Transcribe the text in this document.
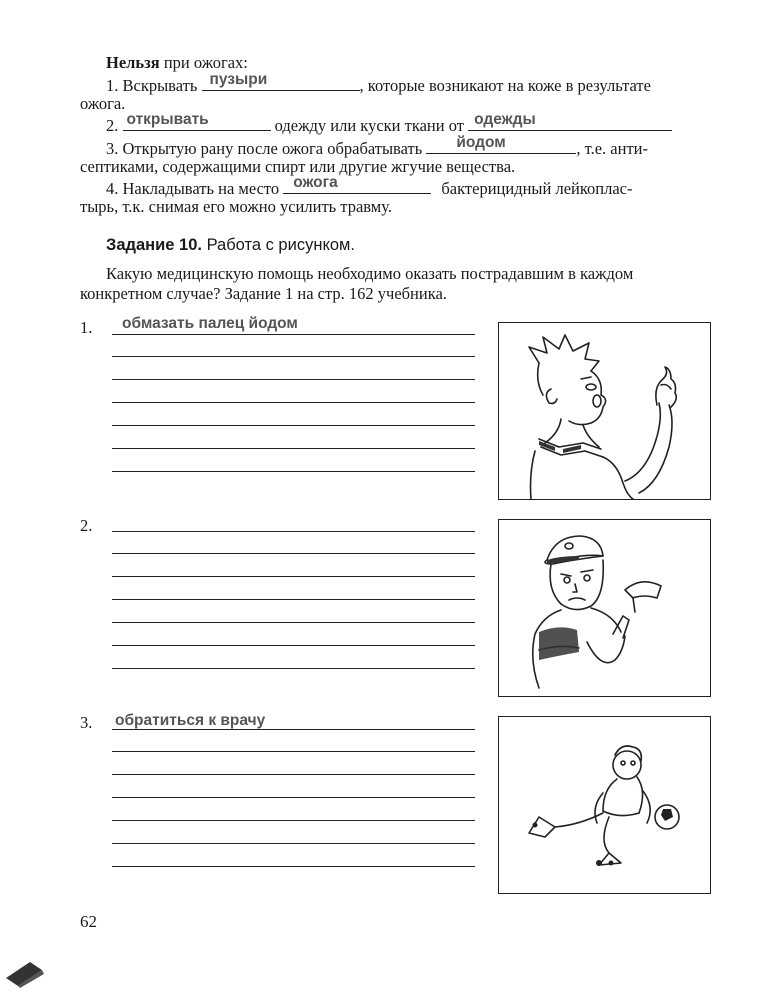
Нельзя при ожогах:
1. Вскрывать пузыри	, которые возникают на коже в результате
ожога.
2. открывать	одежду или куски ткани от одежды
3. Открытую рану после ожога обрабатывать йодом	, т.е. анти-
септиками, содержащими спирт или другие жгучие вещества.
4. Накладывать на место ожога	бактерицидный лейкоплас-
тырь, т.к. снимая его можно усилить травму.
Задание 10. Работа с рисунком.
Какую медицинскую помощь необходимо оказать пострадавшим в каждом
конкретном случае? Задание 1 на стр. 162 учебника.
1. обмазать палец йодом
2.
3. обратиться к врачу
62
